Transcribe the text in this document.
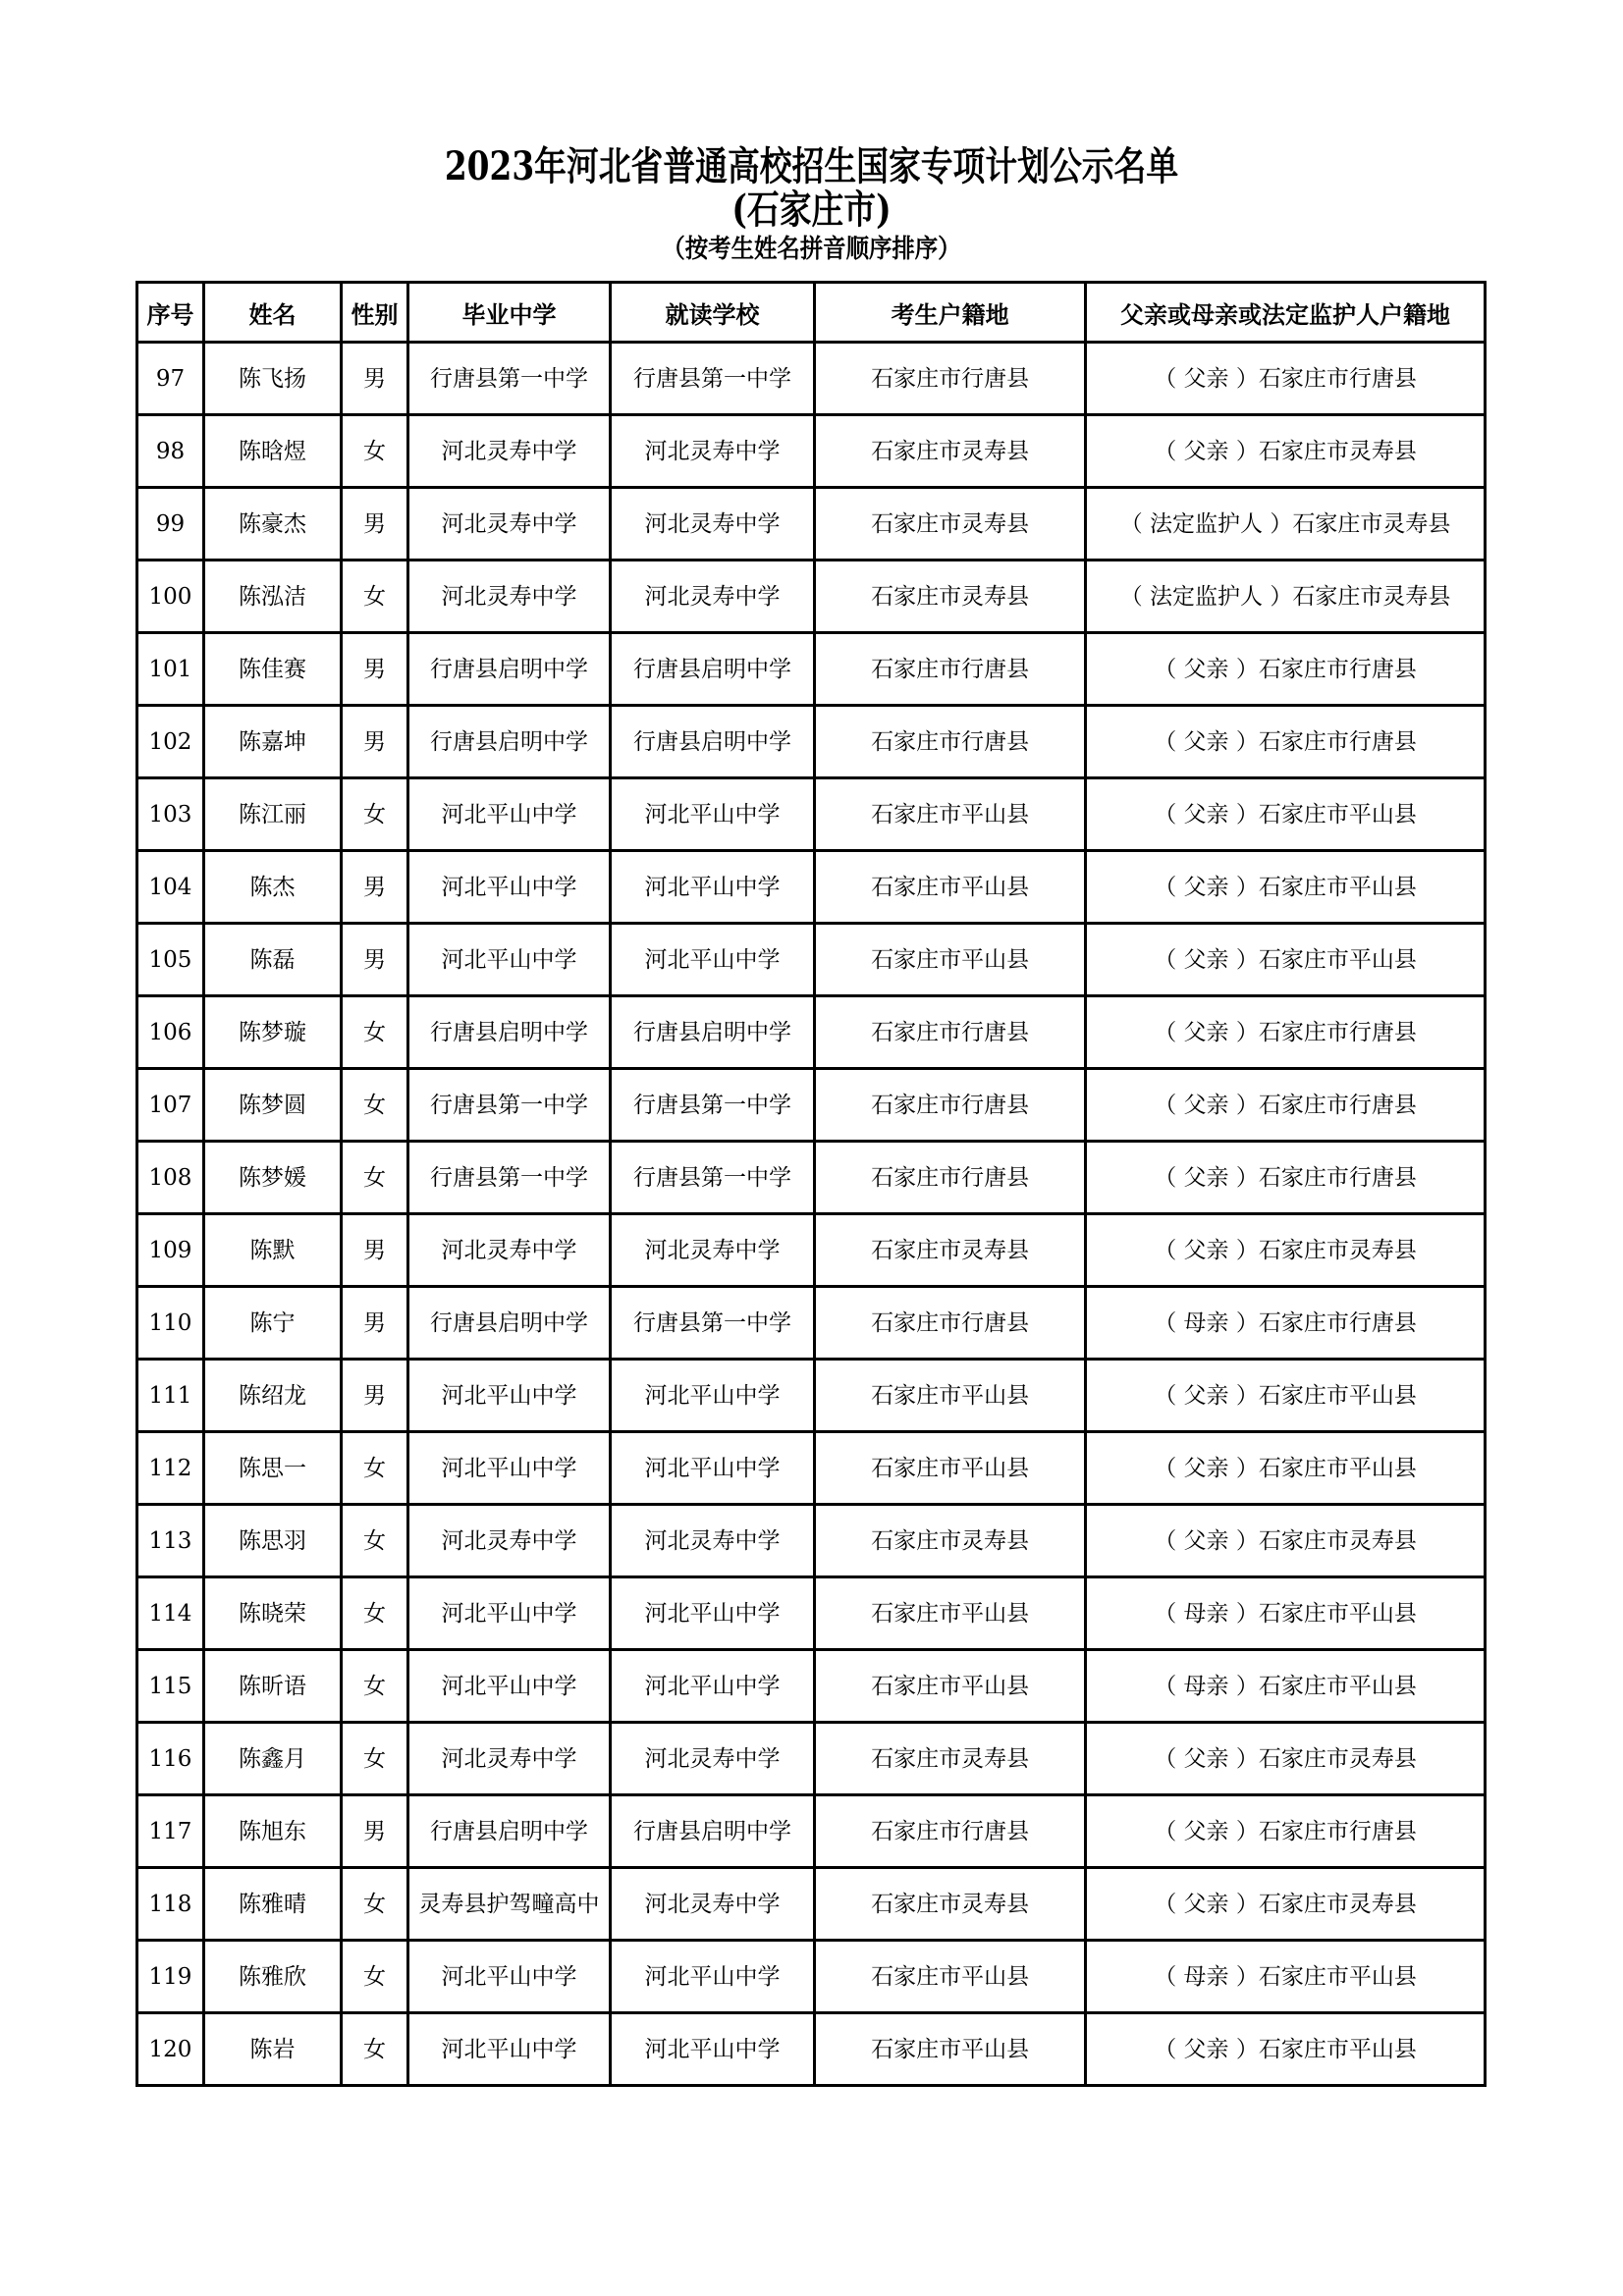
2023年河北省普通高校招生国家专项计划公示名单
(石家庄市)
（按考生姓名拼音顺序排序）
序号	姓名	性别	毕业中学	就读学校	考生户籍地	父亲或母亲或法定监护人户籍地
97	陈飞扬	男	行唐县第一中学	行唐县第一中学	石家庄市行唐县	（ 父亲 ）石家庄市行唐县
98	陈晗煜	女	河北灵寿中学	河北灵寿中学	石家庄市灵寿县	（ 父亲 ）石家庄市灵寿县
99	陈豪杰	男	河北灵寿中学	河北灵寿中学	石家庄市灵寿县	（ 法定监护人 ）石家庄市灵寿县
100	陈泓洁	女	河北灵寿中学	河北灵寿中学	石家庄市灵寿县	（ 法定监护人 ）石家庄市灵寿县
101	陈佳赛	男	行唐县启明中学	行唐县启明中学	石家庄市行唐县	（ 父亲 ）石家庄市行唐县
102	陈嘉坤	男	行唐县启明中学	行唐县启明中学	石家庄市行唐县	（ 父亲 ）石家庄市行唐县
103	陈江丽	女	河北平山中学	河北平山中学	石家庄市平山县	（ 父亲 ）石家庄市平山县
104	陈杰	男	河北平山中学	河北平山中学	石家庄市平山县	（ 父亲 ）石家庄市平山县
105	陈磊	男	河北平山中学	河北平山中学	石家庄市平山县	（ 父亲 ）石家庄市平山县
106	陈梦璇	女	行唐县启明中学	行唐县启明中学	石家庄市行唐县	（ 父亲 ）石家庄市行唐县
107	陈梦圆	女	行唐县第一中学	行唐县第一中学	石家庄市行唐县	（ 父亲 ）石家庄市行唐县
108	陈梦媛	女	行唐县第一中学	行唐县第一中学	石家庄市行唐县	（ 父亲 ）石家庄市行唐县
109	陈默	男	河北灵寿中学	河北灵寿中学	石家庄市灵寿县	（ 父亲 ）石家庄市灵寿县
110	陈宁	男	行唐县启明中学	行唐县第一中学	石家庄市行唐县	（ 母亲 ）石家庄市行唐县
111	陈绍龙	男	河北平山中学	河北平山中学	石家庄市平山县	（ 父亲 ）石家庄市平山县
112	陈思一	女	河北平山中学	河北平山中学	石家庄市平山县	（ 父亲 ）石家庄市平山县
113	陈思羽	女	河北灵寿中学	河北灵寿中学	石家庄市灵寿县	（ 父亲 ）石家庄市灵寿县
114	陈晓荣	女	河北平山中学	河北平山中学	石家庄市平山县	（ 母亲 ）石家庄市平山县
115	陈昕语	女	河北平山中学	河北平山中学	石家庄市平山县	（ 母亲 ）石家庄市平山县
116	陈鑫月	女	河北灵寿中学	河北灵寿中学	石家庄市灵寿县	（ 父亲 ）石家庄市灵寿县
117	陈旭东	男	行唐县启明中学	行唐县启明中学	石家庄市行唐县	（ 父亲 ）石家庄市行唐县
118	陈雅晴	女	灵寿县护驾疃高中	河北灵寿中学	石家庄市灵寿县	（ 父亲 ）石家庄市灵寿县
119	陈雅欣	女	河北平山中学	河北平山中学	石家庄市平山县	（ 母亲 ）石家庄市平山县
120	陈岩	女	河北平山中学	河北平山中学	石家庄市平山县	（ 父亲 ）石家庄市平山县
